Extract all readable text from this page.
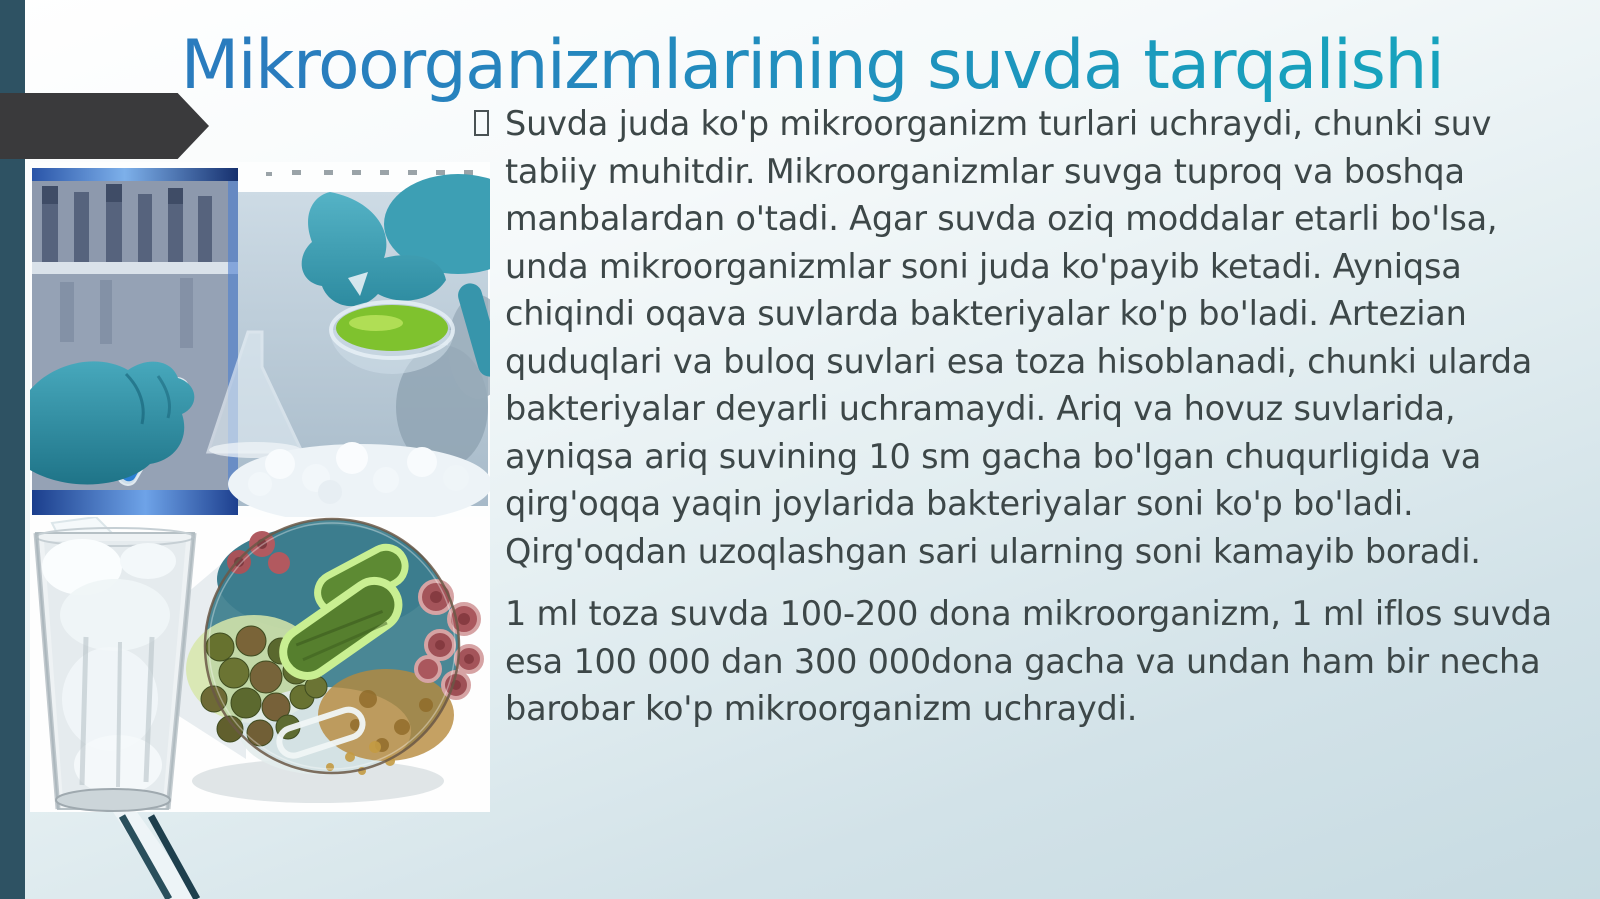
Mikroorganizmlarining suvda tarqalishi

Suvda juda ko'p mikroorganizm turlari uchraydi, chunki suv tabiiy muhitdir. Mikroorganizmlar suvga tuproq va boshqa manbalardan o'tadi. Agar suvda oziq moddalar etarli bo'lsa, unda mikroorganizmlar soni juda ko'payib ketadi. Ayniqsa chiqindi oqava suvlarda bakteriyalar ko'p bo'ladi. Artezian quduqlari va buloq suvlari esa toza hisoblanadi, chunki ularda bakteriyalar deyarli uchramaydi. Ariq va hovuz suvlarida, ayniqsa ariq suvining 10 sm gacha bo'lgan chuqurligida va qirg'oqqa yaqin joylarida bakteriyalar soni ko'p bo'ladi. Qirg'oqdan uzoqlashgan sari ularning soni kamayib boradi.

1 ml toza suvda 100-200 dona mikroorganizm, 1 ml iflos suvda esa 100 000 dan 300 000dona gacha va undan ham bir necha barobar ko'p mikroorganizm uchraydi.
